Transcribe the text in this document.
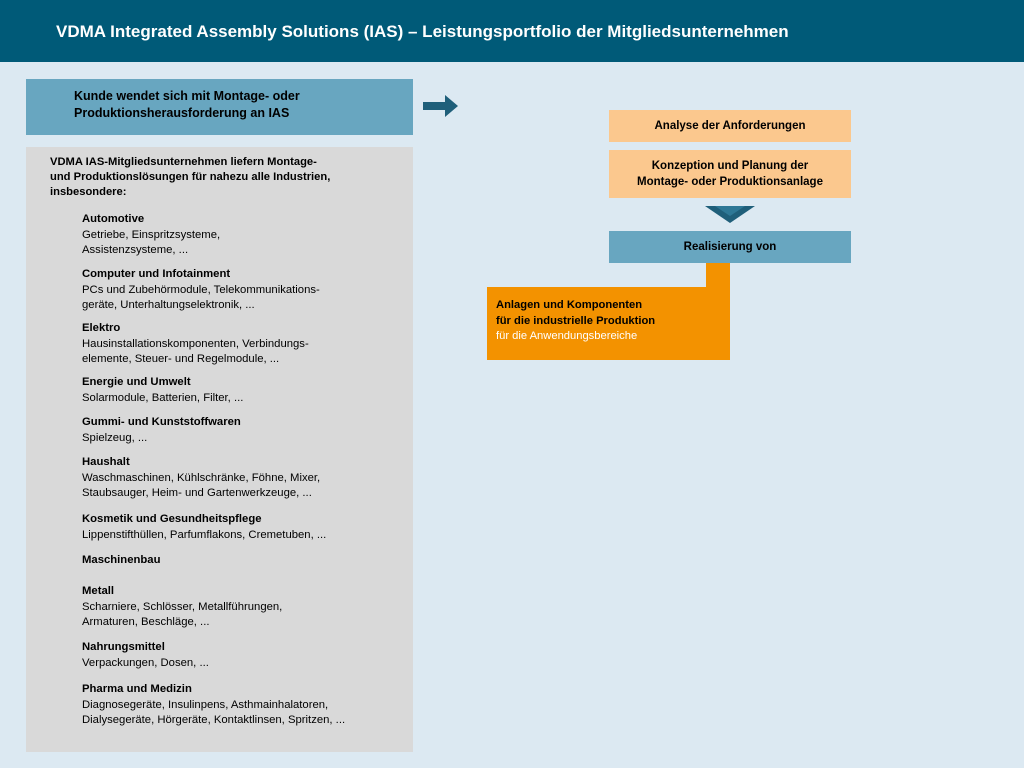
VDMA Integrated Assembly Solutions (IAS) – Leistungsportfolio der Mitgliedsunternehmen
Kunde wendet sich mit Montage- oder
Produktionsherausforderung an IAS
VDMA IAS-Mitgliedsunternehmen liefern Montage-
und Produktionslösungen für nahezu alle Industrien,
insbesondere:
Automotive
Getriebe, Einspritzsysteme,
Assistenzsysteme, ...
Computer und Infotainment
PCs und Zubehörmodule, Telekommunikations-
geräte, Unterhaltungselektronik, ...
Elektro
Hausinstallationskomponenten, Verbindungs-
elemente, Steuer- und Regelmodule, ...
Energie und Umwelt
Solarmodule, Batterien, Filter, ...
Gummi- und Kunststoffwaren
Spielzeug, ...
Haushalt
Waschmaschinen, Kühlschränke, Föhne, Mixer,
Staubsauger, Heim- und Gartenwerkzeuge, ...
Kosmetik und Gesundheitspflege
Lippenstifthüllen, Parfumflakons, Cremetuben, ...
Maschinenbau
Metall
Scharniere, Schlösser, Metallführungen,
Armaturen, Beschläge, ...
Nahrungsmittel
Verpackungen, Dosen, ...
Pharma und Medizin
Diagnosegeräte, Insulinpens, Asthmainhalatoren,
Dialysegeräte, Hörgeräte, Kontaktlinsen, Spritzen, ...
Analyse der Anforderungen
Konzeption und Planung der
Montage- oder Produktionsanlage
Realisierung von
Anlagen und Komponenten
für die industrielle Produktion
für die Anwendungsbereiche
